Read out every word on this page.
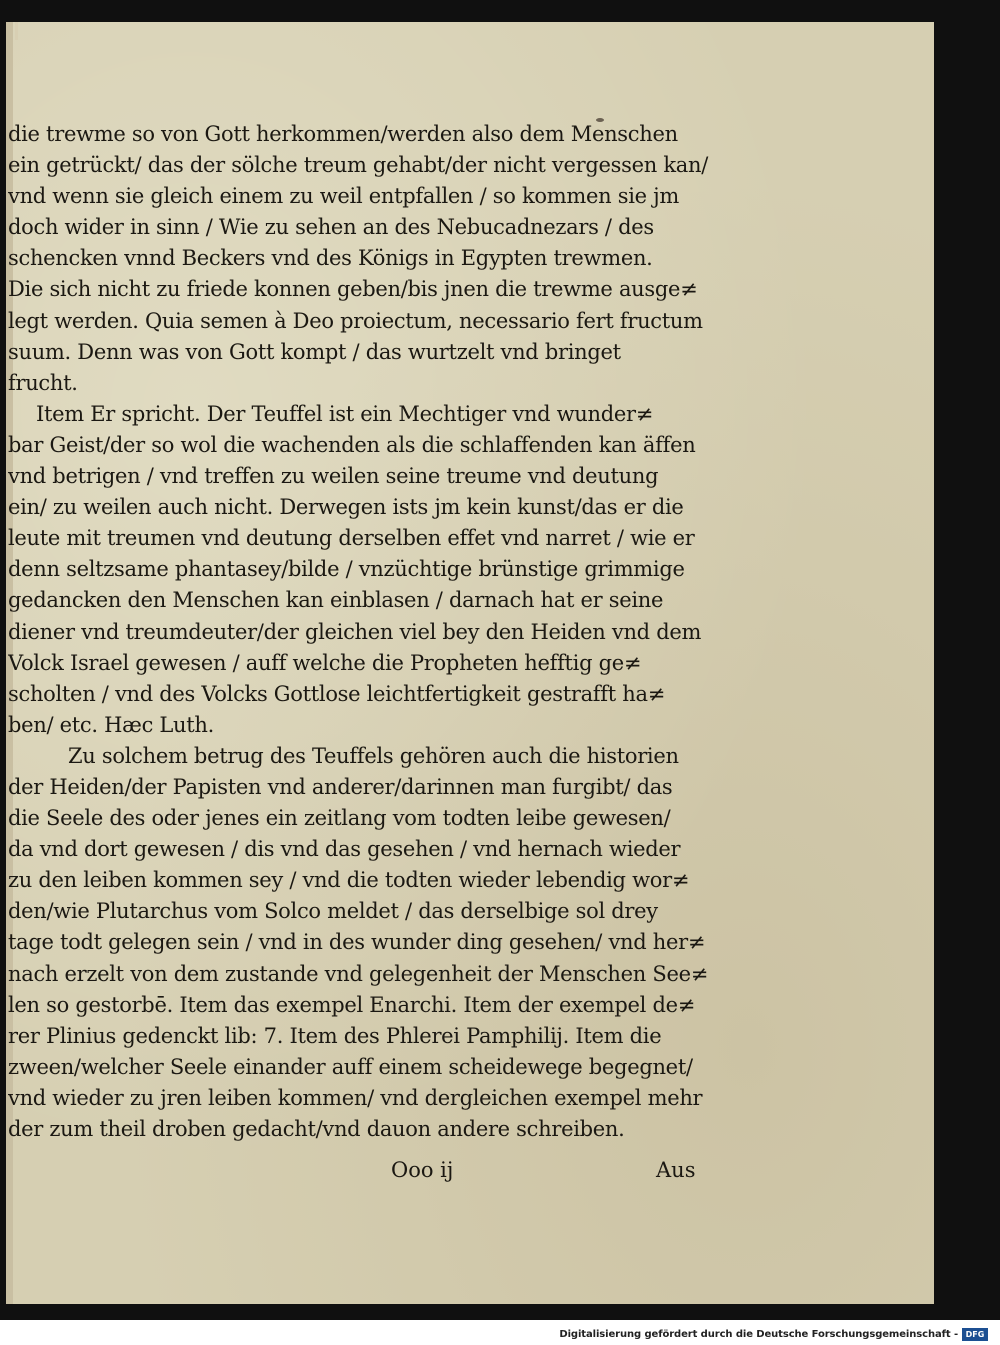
die trewme so von Gott herkommen/werden also dem Menschen
ein getrückt/ das der sölche treum gehabt/der nicht vergessen kan/
vnd wenn sie gleich einem zu weil entpfallen / so kommen sie jm
doch wider in sinn / Wie zu sehen an des Nebucadnezars / des
schencken vnnd Beckers vnd des Königs in Egypten trewmen.
Die sich nicht zu friede konnen geben/bis jnen die trewme ausge≠
legt werden. Quia semen à Deo proiectum, necessario fert fructum
suum. Denn was von Gott kompt / das wurtzelt vnd bringet
frucht.
Item Er spricht. Der Teuffel ist ein Mechtiger vnd wunder≠
bar Geist/der so wol die wachenden als die schlaffenden kan äffen
vnd betrigen / vnd treffen zu weilen seine treume vnd deutung
ein/ zu weilen auch nicht. Derwegen ists jm kein kunst/das er die
leute mit treumen vnd deutung derselben effet vnd narret / wie er
denn seltzsame phantasey/bilde / vnzüchtige brünstige grimmige
gedancken den Menschen kan einblasen / darnach hat er seine
diener vnd treumdeuter/der gleichen viel bey den Heiden vnd dem
Volck Israel gewesen / auff welche die Propheten hefftig ge≠
scholten / vnd des Volcks Gottlose leichtfertigkeit gestrafft ha≠
ben/ etc. Hæc Luth.
Zu solchem betrug des Teuffels gehören auch die historien
der Heiden/der Papisten vnd anderer/darinnen man furgibt/ das
die Seele des oder jenes ein zeitlang vom todten leibe gewesen/
da vnd dort gewesen / dis vnd das gesehen / vnd hernach wieder
zu den leiben kommen sey / vnd die todten wieder lebendig wor≠
den/wie Plutarchus vom Solco meldet / das derselbige sol drey
tage todt gelegen sein / vnd in des wunder ding gesehen/ vnd her≠
nach erzelt von dem zustande vnd gelegenheit der Menschen See≠
len so gestorbē. Item das exempel Enarchi. Item der exempel de≠
rer Plinius gedenckt lib: 7. Item des Phlerei Pamphilij. Item die
zween/welcher Seele einander auff einem scheidewege begegnet/
vnd wieder zu jren leiben kommen/ vnd dergleichen exempel mehr
der zum theil droben gedacht/vnd dauon andere schreiben.
Ooo ij	Aus
Digitalisierung gefördert durch die Deutsche Forschungsgemeinschaft - DFG
